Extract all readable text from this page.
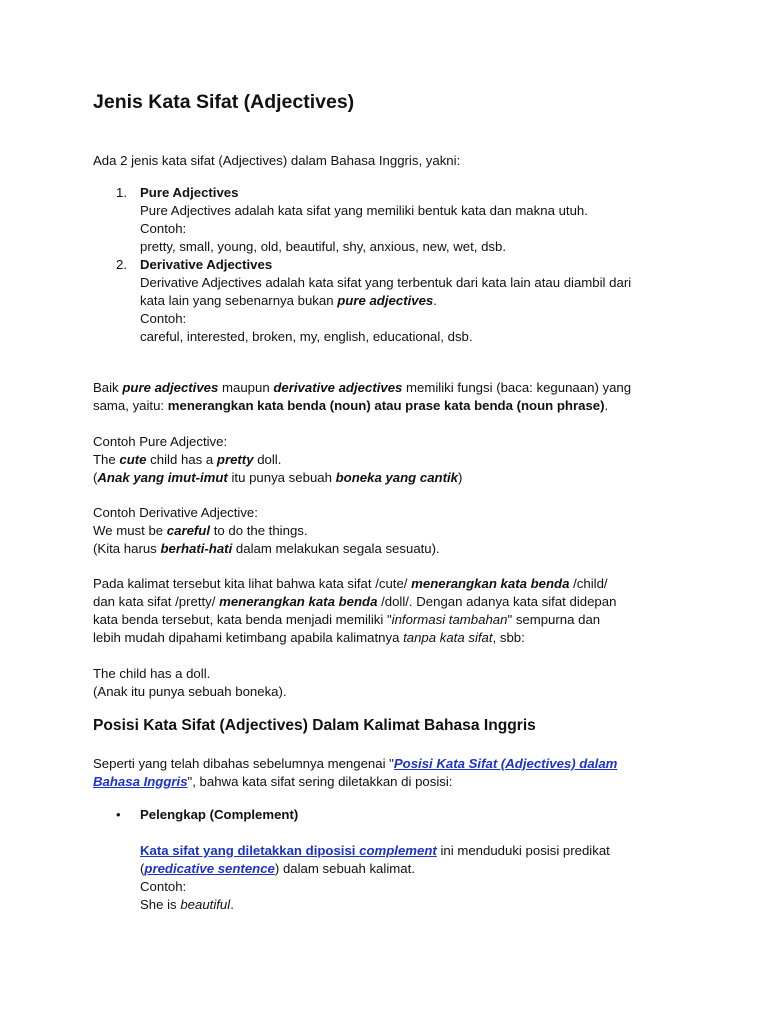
Jenis Kata Sifat (Adjectives)

Ada 2 jenis kata sifat (Adjectives) dalam Bahasa Inggris, yakni:

1. Pure Adjectives

Pure Adjectives adalah kata sifat yang memiliki bentuk kata dan makna utuh.

Contoh:

pretty, small, young, old, beautiful, shy, anxious, new, wet, dsb.

2. Derivative Adjectives

Derivative Adjectives adalah kata sifat yang terbentuk dari kata lain atau diambil dari

kata lain yang sebenarnya bukan pure adjectives.

Contoh:

careful, interested, broken, my, english, educational, dsb.

Baik pure adjectives maupun derivative adjectives memiliki fungsi (baca: kegunaan) yang

sama, yaitu: menerangkan kata benda (noun) atau prase kata benda (noun phrase).

Contoh Pure Adjective:

The cute child has a pretty doll.

(Anak yang imut-imut itu punya sebuah boneka yang cantik)

Contoh Derivative Adjective:

We must be careful to do the things.

(Kita harus berhati-hati dalam melakukan segala sesuatu).

Pada kalimat tersebut kita lihat bahwa kata sifat /cute/ menerangkan kata benda /child/

dan kata sifat /pretty/ menerangkan kata benda /doll/. Dengan adanya kata sifat didepan

kata benda tersebut, kata benda menjadi memiliki "informasi tambahan" sempurna dan

lebih mudah dipahami ketimbang apabila kalimatnya tanpa kata sifat, sbb:

The child has a doll.

(Anak itu punya sebuah boneka).

Posisi Kata Sifat (Adjectives) Dalam Kalimat Bahasa Inggris

Seperti yang telah dibahas sebelumnya mengenai "Posisi Kata Sifat (Adjectives) dalam

Bahasa Inggris", bahwa kata sifat sering diletakkan di posisi:

• Pelengkap (Complement)

Kata sifat yang diletakkan diposisi complement ini menduduki posisi predikat

(predicative sentence) dalam sebuah kalimat.

Contoh:

She is beautiful.
